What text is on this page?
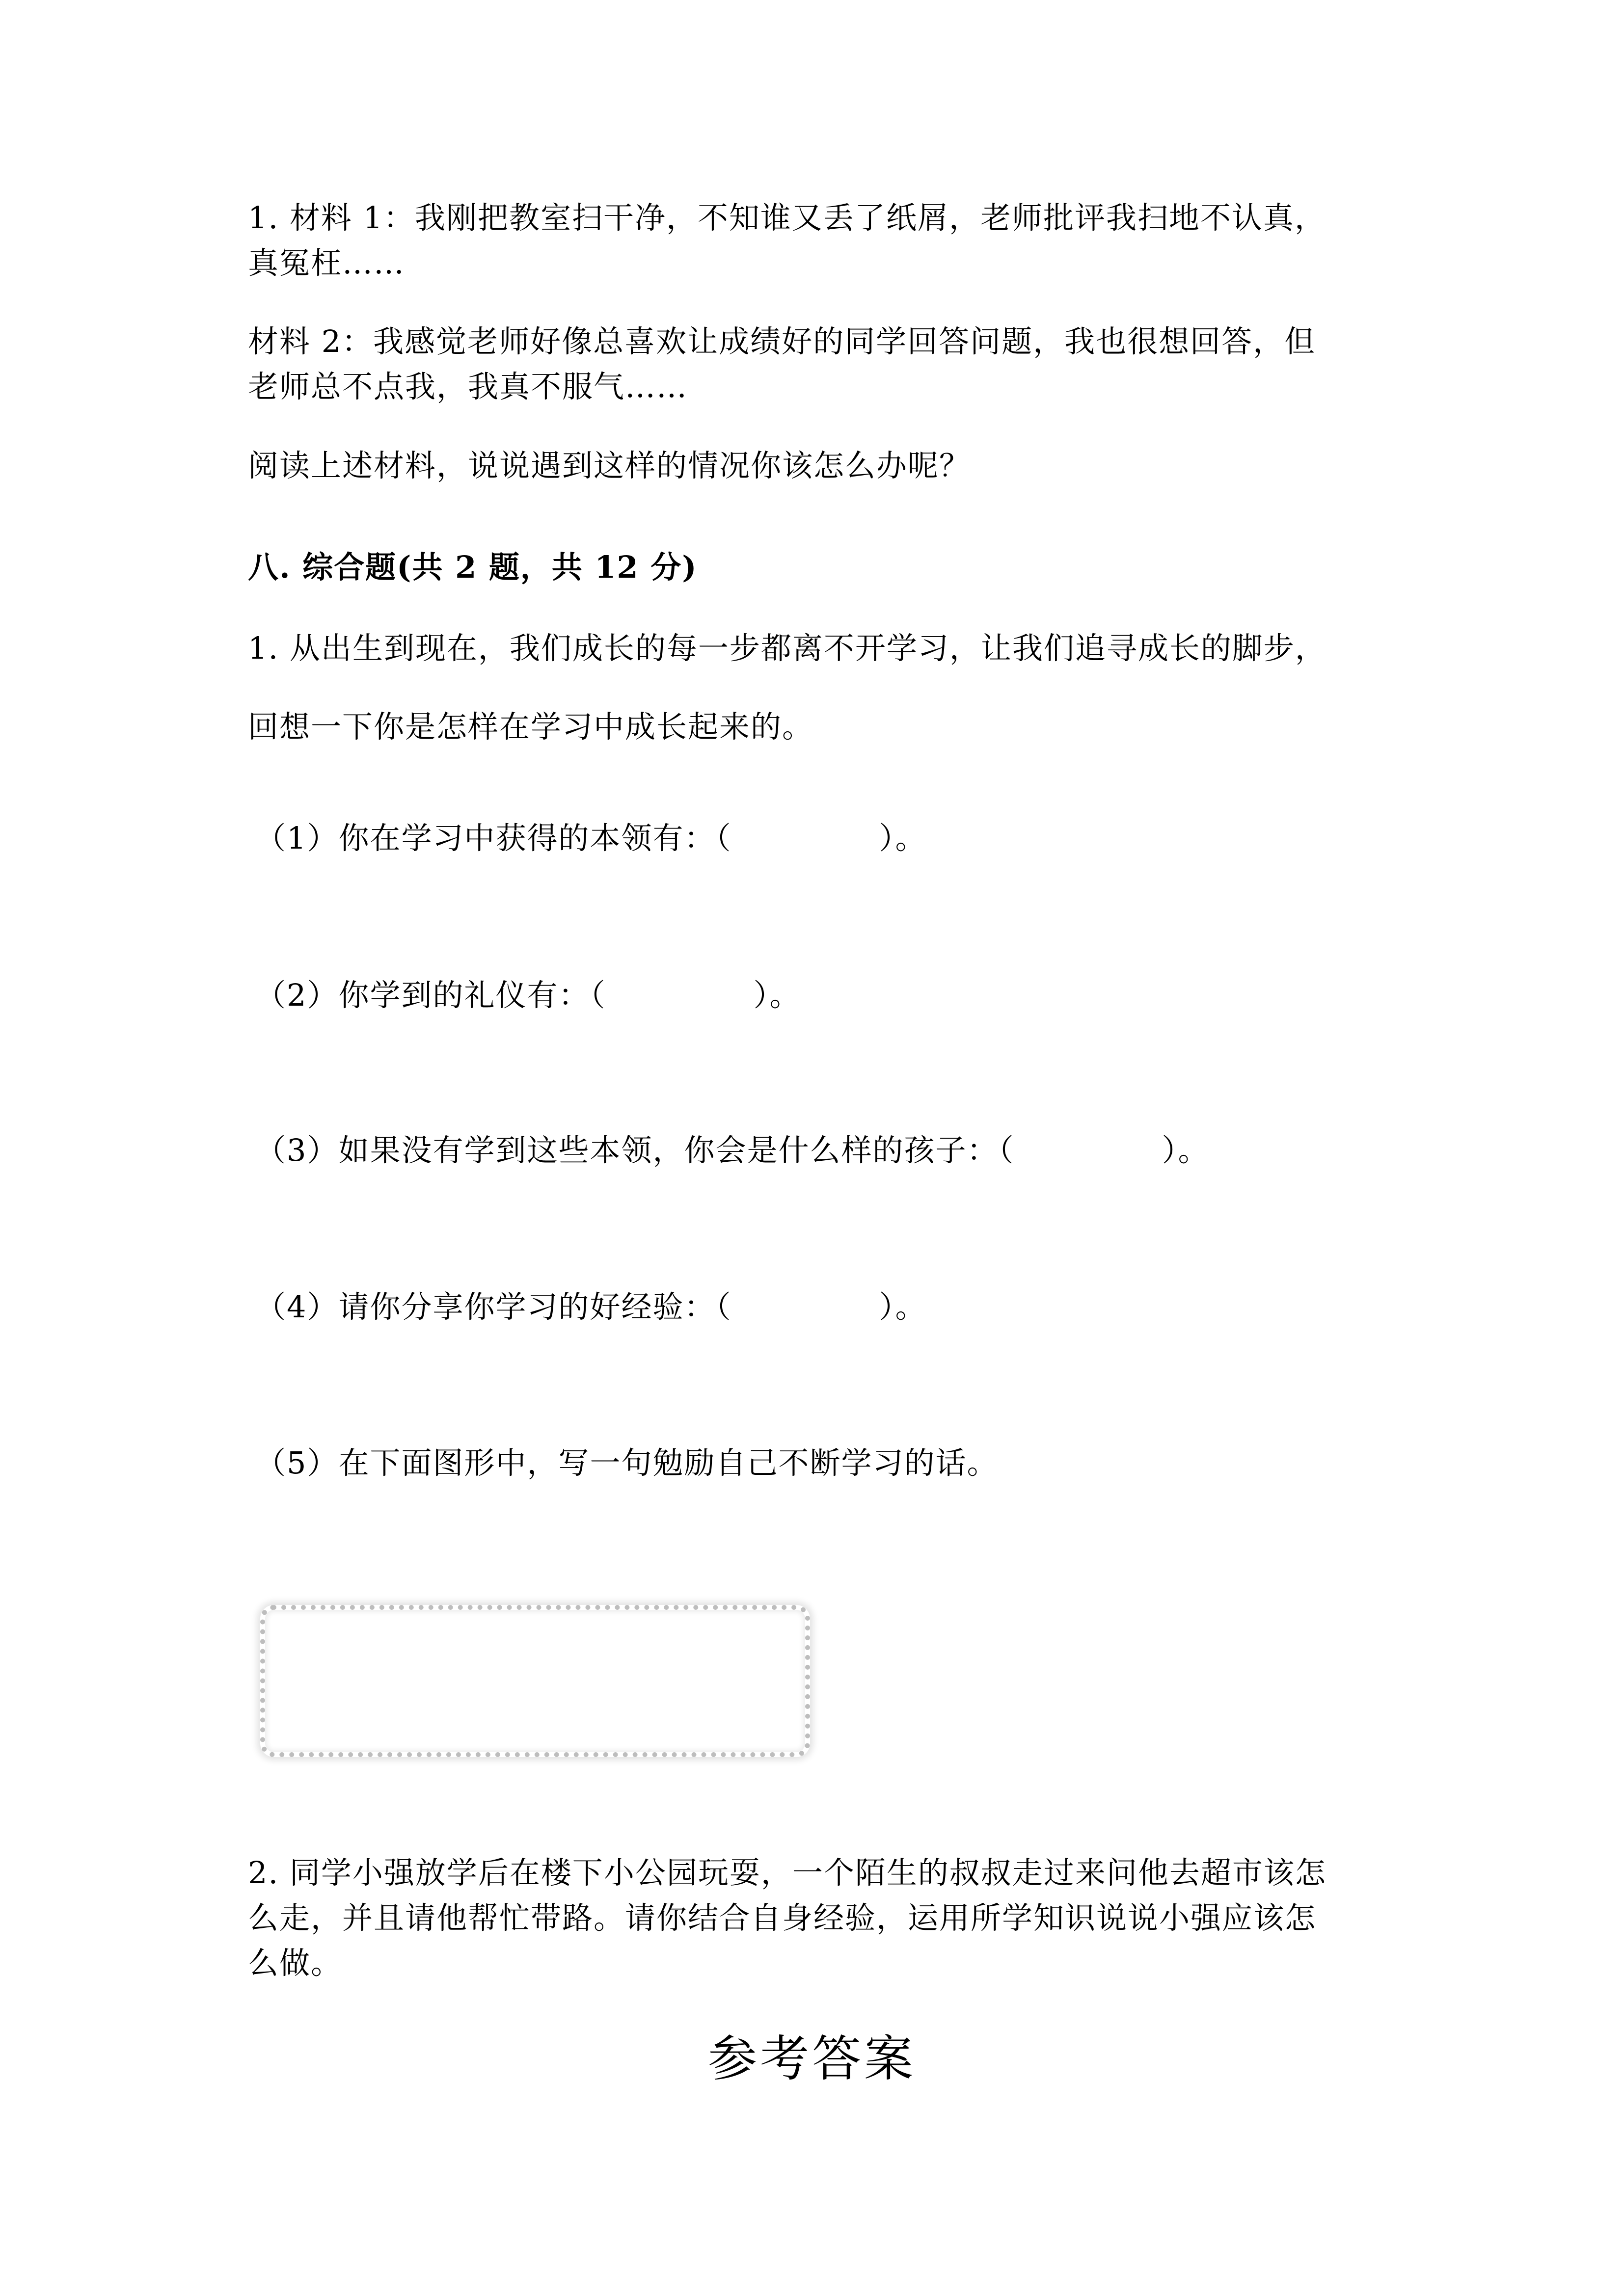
1. 材料 1：我刚把教室扫干净，不知谁又丢了纸屑，老师批评我扫地不认真，
真冤枉……
材料 2：我感觉老师好像总喜欢让成绩好的同学回答问题，我也很想回答，但
老师总不点我，我真不服气……
阅读上述材料，说说遇到这样的情况你该怎么办呢？
八. 综合题(共 2 题，共 12 分)
1. 从出生到现在，我们成长的每一步都离不开学习，让我们追寻成长的脚步，
回想一下你是怎样在学习中成长起来的。
（1）你在学习中获得的本领有：（	）。
（2）你学到的礼仪有：（	）。
（3）如果没有学到这些本领，你会是什么样的孩子：（	）。
（4）请你分享你学习的好经验：（	）。
（5）在下面图形中，写一句勉励自己不断学习的话。
2. 同学小强放学后在楼下小公园玩耍，一个陌生的叔叔走过来问他去超市该怎
么走，并且请他帮忙带路。请你结合自身经验，运用所学知识说说小强应该怎
么做。
参考答案
